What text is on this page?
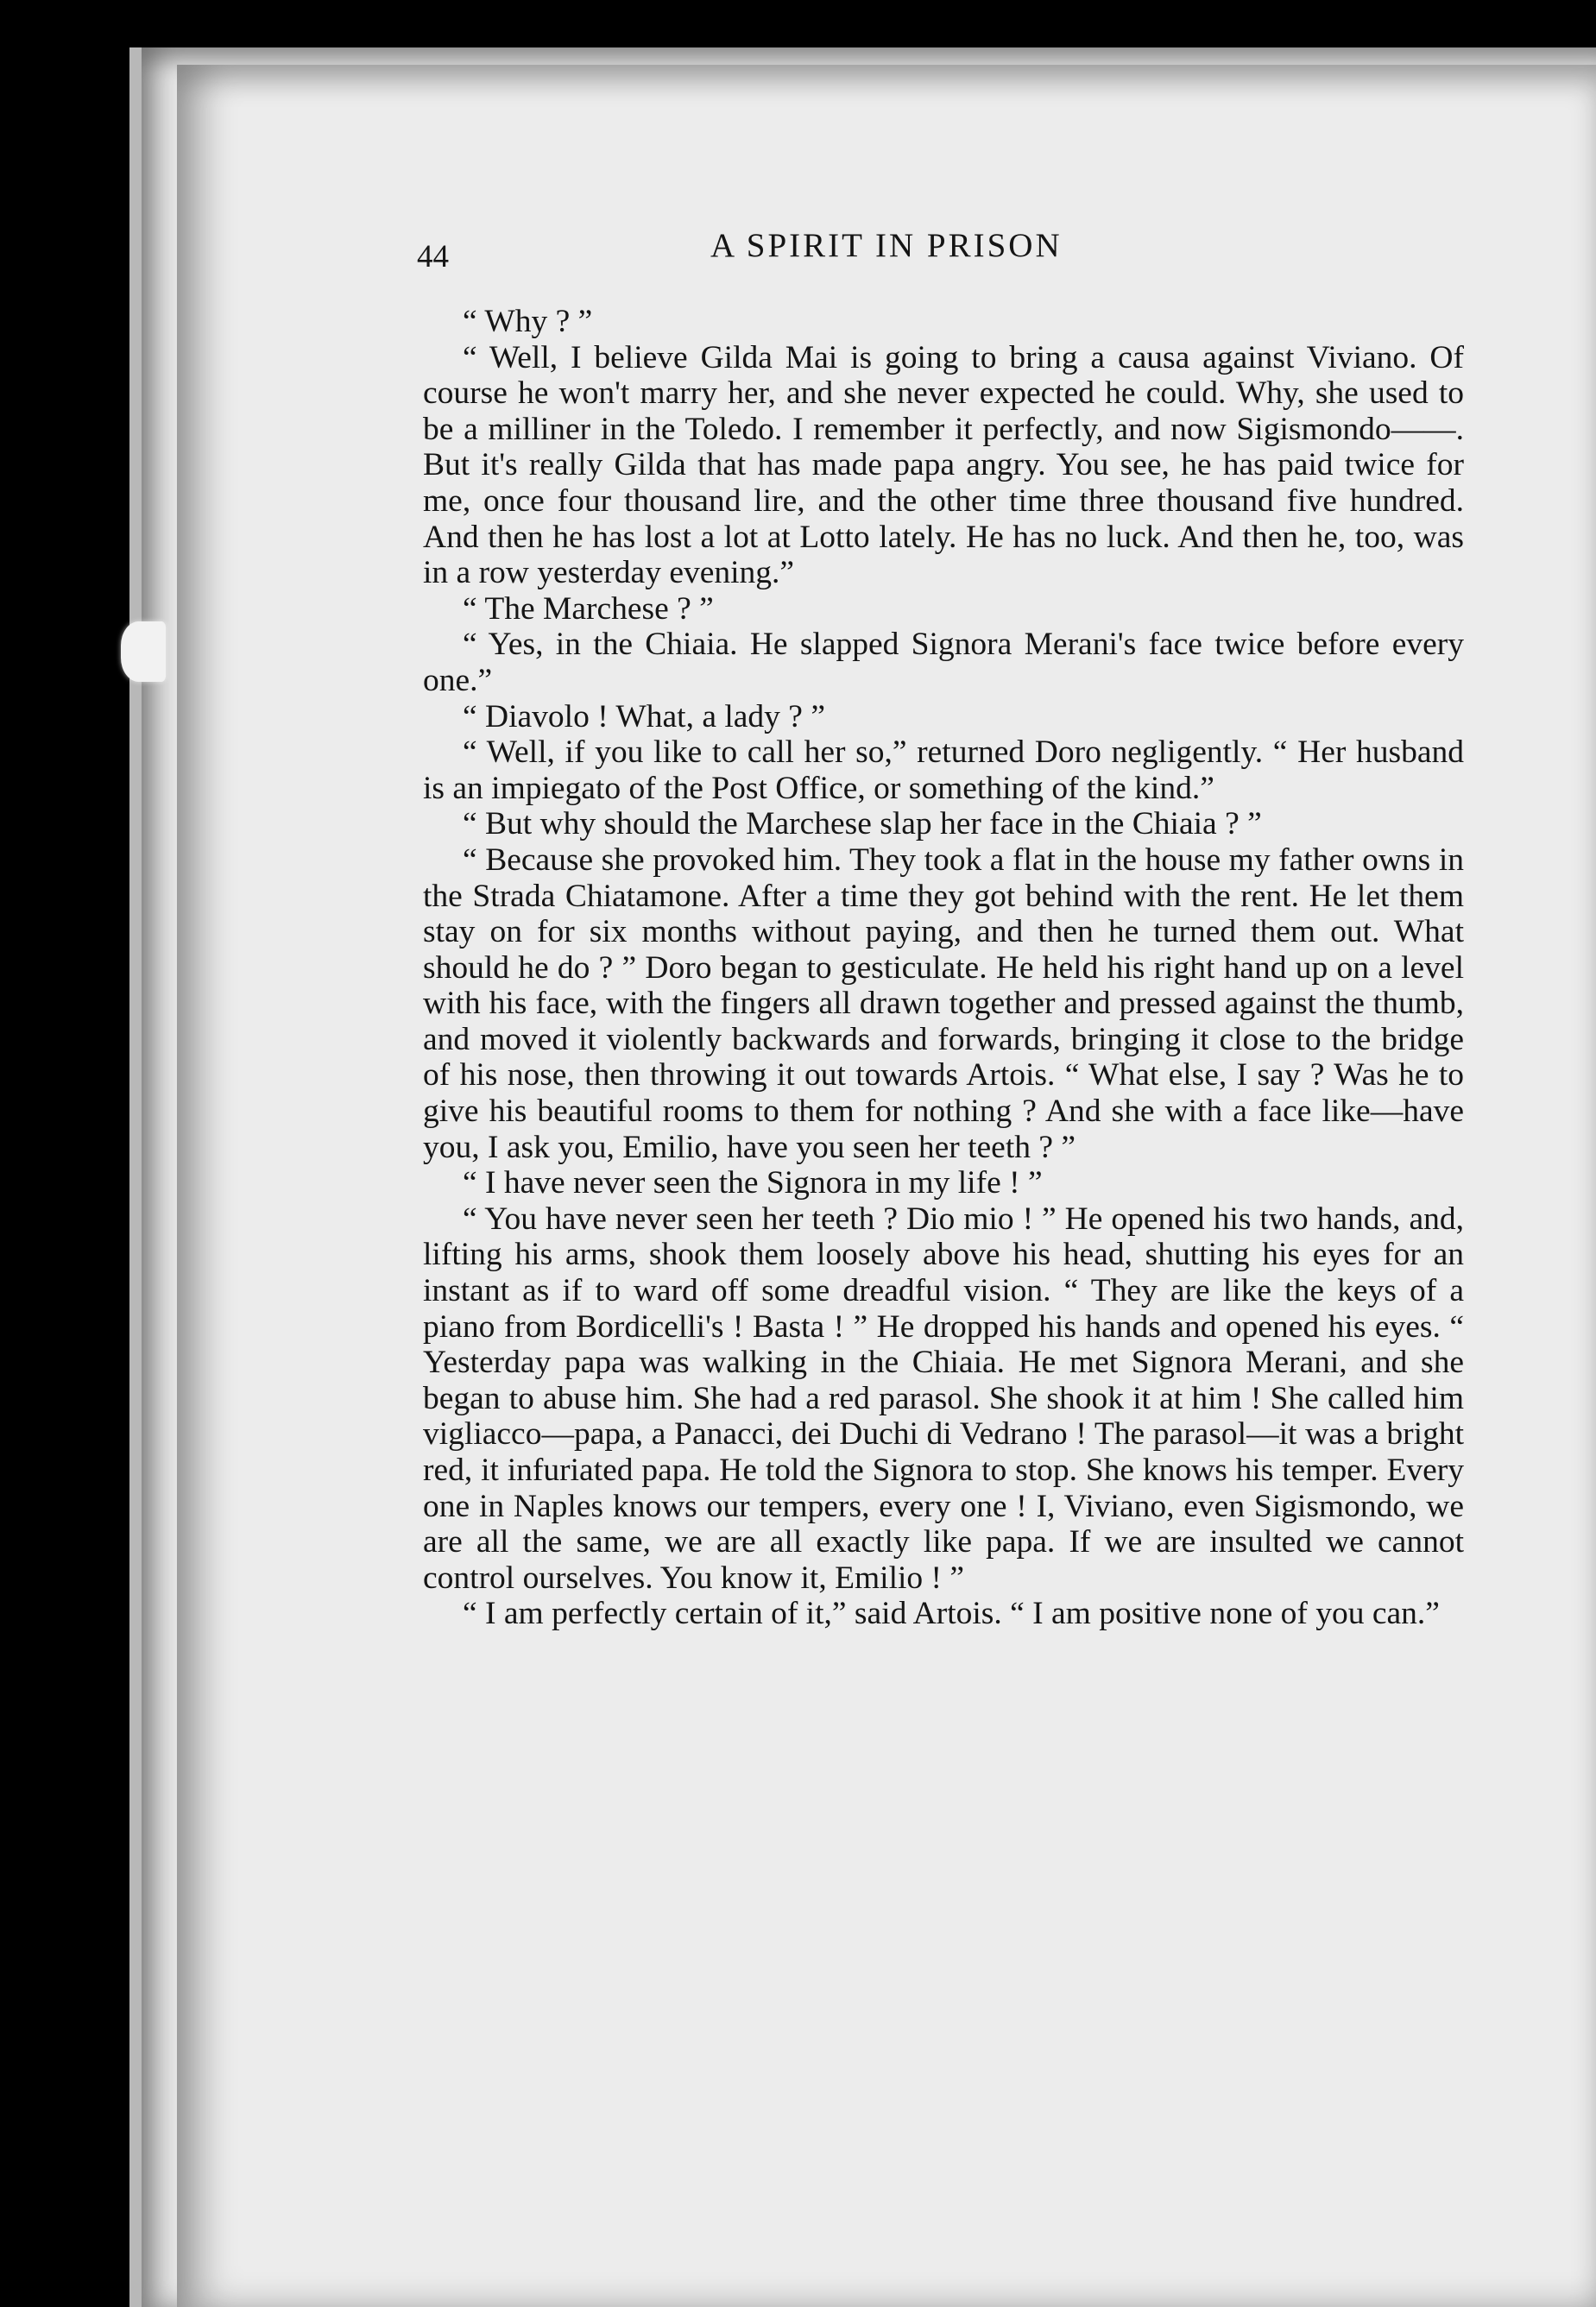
44	A SPIRIT IN PRISON

“ Why ? ”

“ Well, I believe Gilda Mai is going to bring a causa against Viviano. Of course he won't marry her, and she never expected he could. Why, she used to be a milliner in the Toledo. I remember it perfectly, and now Sigismondo——. But it's really Gilda that has made papa angry. You see, he has paid twice for me, once four thousand lire, and the other time three thousand five hundred. And then he has lost a lot at Lotto lately. He has no luck. And then he, too, was in a row yesterday evening.”

“ The Marchese ? ”

“ Yes, in the Chiaia. He slapped Signora Merani's face twice before every one.”

“ Diavolo ! What, a lady ? ”

“ Well, if you like to call her so,” returned Doro negligently. “ Her husband is an impiegato of the Post Office, or something of the kind.”

“ But why should the Marchese slap her face in the Chiaia ? ”

“ Because she provoked him. They took a flat in the house my father owns in the Strada Chiatamone. After a time they got behind with the rent. He let them stay on for six months without paying, and then he turned them out. What should he do ? ” Doro began to gesticulate. He held his right hand up on a level with his face, with the fingers all drawn together and pressed against the thumb, and moved it violently backwards and forwards, bringing it close to the bridge of his nose, then throwing it out towards Artois. “ What else, I say ? Was he to give his beautiful rooms to them for nothing ? And she with a face like—have you, I ask you, Emilio, have you seen her teeth ? ”

“ I have never seen the Signora in my life ! ”

“ You have never seen her teeth ? Dio mio ! ” He opened his two hands, and, lifting his arms, shook them loosely above his head, shutting his eyes for an instant as if to ward off some dreadful vision. “ They are like the keys of a piano from Bordicelli's ! Basta ! ” He dropped his hands and opened his eyes. “ Yesterday papa was walking in the Chiaia. He met Signora Merani, and she began to abuse him. She had a red parasol. She shook it at him ! She called him vigliacco—papa, a Panacci, dei Duchi di Vedrano ! The parasol—it was a bright red, it infuriated papa. He told the Signora to stop. She knows his temper. Every one in Naples knows our tempers, every one ! I, Viviano, even Sigismondo, we are all the same, we are all exactly like papa. If we are insulted we cannot control ourselves. You know it, Emilio ! ”

“ I am perfectly certain of it,” said Artois. “ I am positive none of you can.”
